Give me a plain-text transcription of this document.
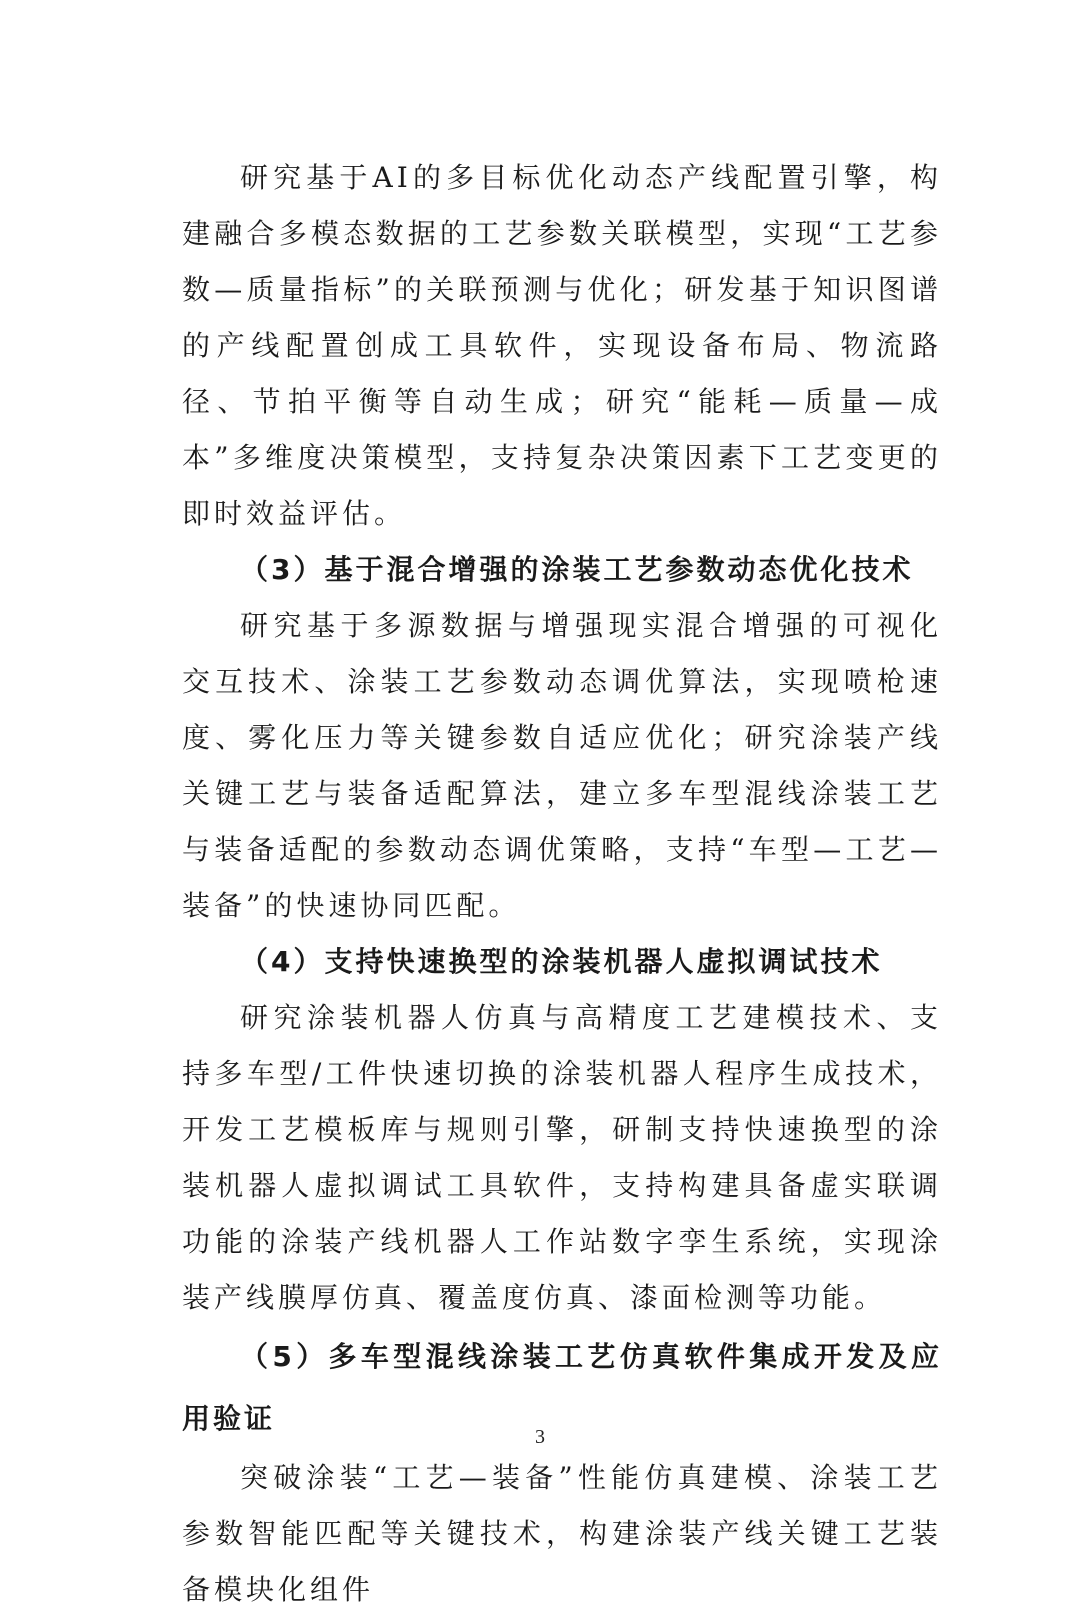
研究基于AI的多目标优化动态产线配置引擎，构建融合多模态数据的工艺参数关联模型，实现“工艺参数—质量指标”的关联预测与优化；研发基于知识图谱的产线配置创成工具软件，实现设备布局、物流路径、节拍平衡等自动生成；研究“能耗—质量—成本”多维度决策模型，支持复杂决策因素下工艺变更的即时效益评估。

（3）基于混合增强的涂装工艺参数动态优化技术

研究基于多源数据与增强现实混合增强的可视化交互技术、涂装工艺参数动态调优算法，实现喷枪速度、雾化压力等关键参数自适应优化；研究涂装产线关键工艺与装备适配算法，建立多车型混线涂装工艺与装备适配的参数动态调优策略，支持“车型—工艺—装备”的快速协同匹配。

（4）支持快速换型的涂装机器人虚拟调试技术

研究涂装机器人仿真与高精度工艺建模技术、支持多车型/工件快速切换的涂装机器人程序生成技术，开发工艺模板库与规则引擎，研制支持快速换型的涂装机器人虚拟调试工具软件，支持构建具备虚实联调功能的涂装产线机器人工作站数字孪生系统，实现涂装产线膜厚仿真、覆盖度仿真、漆面检测等功能。

（5）多车型混线涂装工艺仿真软件集成开发及应用验证

突破涂装“工艺—装备”性能仿真建模、涂装工艺参数智能匹配等关键技术，构建涂装产线关键工艺装备模块化组件

3
